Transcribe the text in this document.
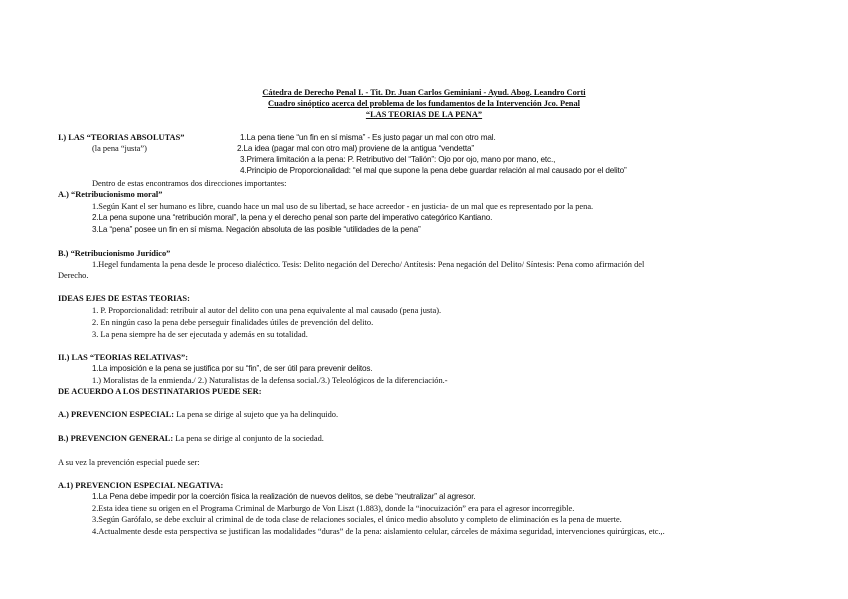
Cátedra de Derecho Penal I. - Tit. Dr. Juan Carlos Geminiani - Ayud. Abog. Leandro Corti
Cuadro sinóptico acerca del problema de los fundamentos de la Intervención Jco. Penal
“LAS TEORIAS DE LA PENA”
I.) LAS “TEORIAS ABSOLUTAS”
(la pena “justa”)
1.La pena tiene “un fin en sí misma” - Es justo pagar un mal con otro mal.
2.La idea (pagar mal con otro mal) proviene de la antigua “vendetta”
3.Primera limitación a la pena: P. Retributivo del “Talión”: Ojo por ojo, mano por mano, etc.,
4.Principio de Proporcionalidad: “el mal que supone la pena debe guardar relación al mal causado por el delito”
Dentro de estas encontramos dos direcciones importantes:
A.) “Retribucionismo moral”
1.Según Kant el ser humano es libre, cuando hace un mal uso de su libertad, se hace acreedor - en justicia- de un mal que es representado por la pena.
2.La pena supone una “retribución moral”, la pena y el derecho penal son parte del imperativo categórico Kantiano.
3.La “pena” posee un fin en sí misma. Negación absoluta de las posible “utilidades de la pena”
B.) “Retribucionismo Jurídico”
1.Hegel fundamenta la pena desde le proceso dialéctico. Tesis: Delito negación del Derecho/ Antítesis: Pena negación del Delito/ Síntesis: Pena como afirmación del
Derecho.
IDEAS EJES DE ESTAS TEORIAS:
1. P. Proporcionalidad: retribuir al autor del delito con una pena equivalente al mal causado (pena justa).
2. En ningún caso la pena debe perseguir finalidades útiles de prevención del delito.
3. La pena siempre ha de ser ejecutada y además en su totalidad.
II.) LAS “TEORIAS RELATIVAS”:
1.La imposición e la pena se justifica por su “fin”, de ser útil para prevenir delitos.
1.) Moralistas de la enmienda./ 2.) Naturalistas de la defensa social./3.) Teleológicos de la diferenciación.-
DE ACUERDO A LOS DESTINATARIOS PUEDE SER:
A.) PREVENCION ESPECIAL: La pena se dirige al sujeto que ya ha delinquido.
B.) PREVENCION GENERAL: La pena se dirige al conjunto de la sociedad.
A su vez la prevención especial puede ser:
A.1) PREVENCION ESPECIAL NEGATIVA:
1.La Pena debe impedir por la coerción física la realización de nuevos delitos, se debe “neutralizar” al agresor.
2.Esta idea tiene su origen en el Programa Criminal de Marburgo de Von Liszt (1.883), donde la “inocuización” era para el agresor incorregible.
3.Según Garófalo, se debe excluir al criminal de de toda clase de relaciones sociales, el único medio absoluto y completo de eliminación es la pena de muerte.
4.Actualmente desde esta perspectiva se justifican las modalidades “duras” de la pena: aislamiento celular, cárceles de máxima seguridad, intervenciones quirúrgicas, etc.,.
